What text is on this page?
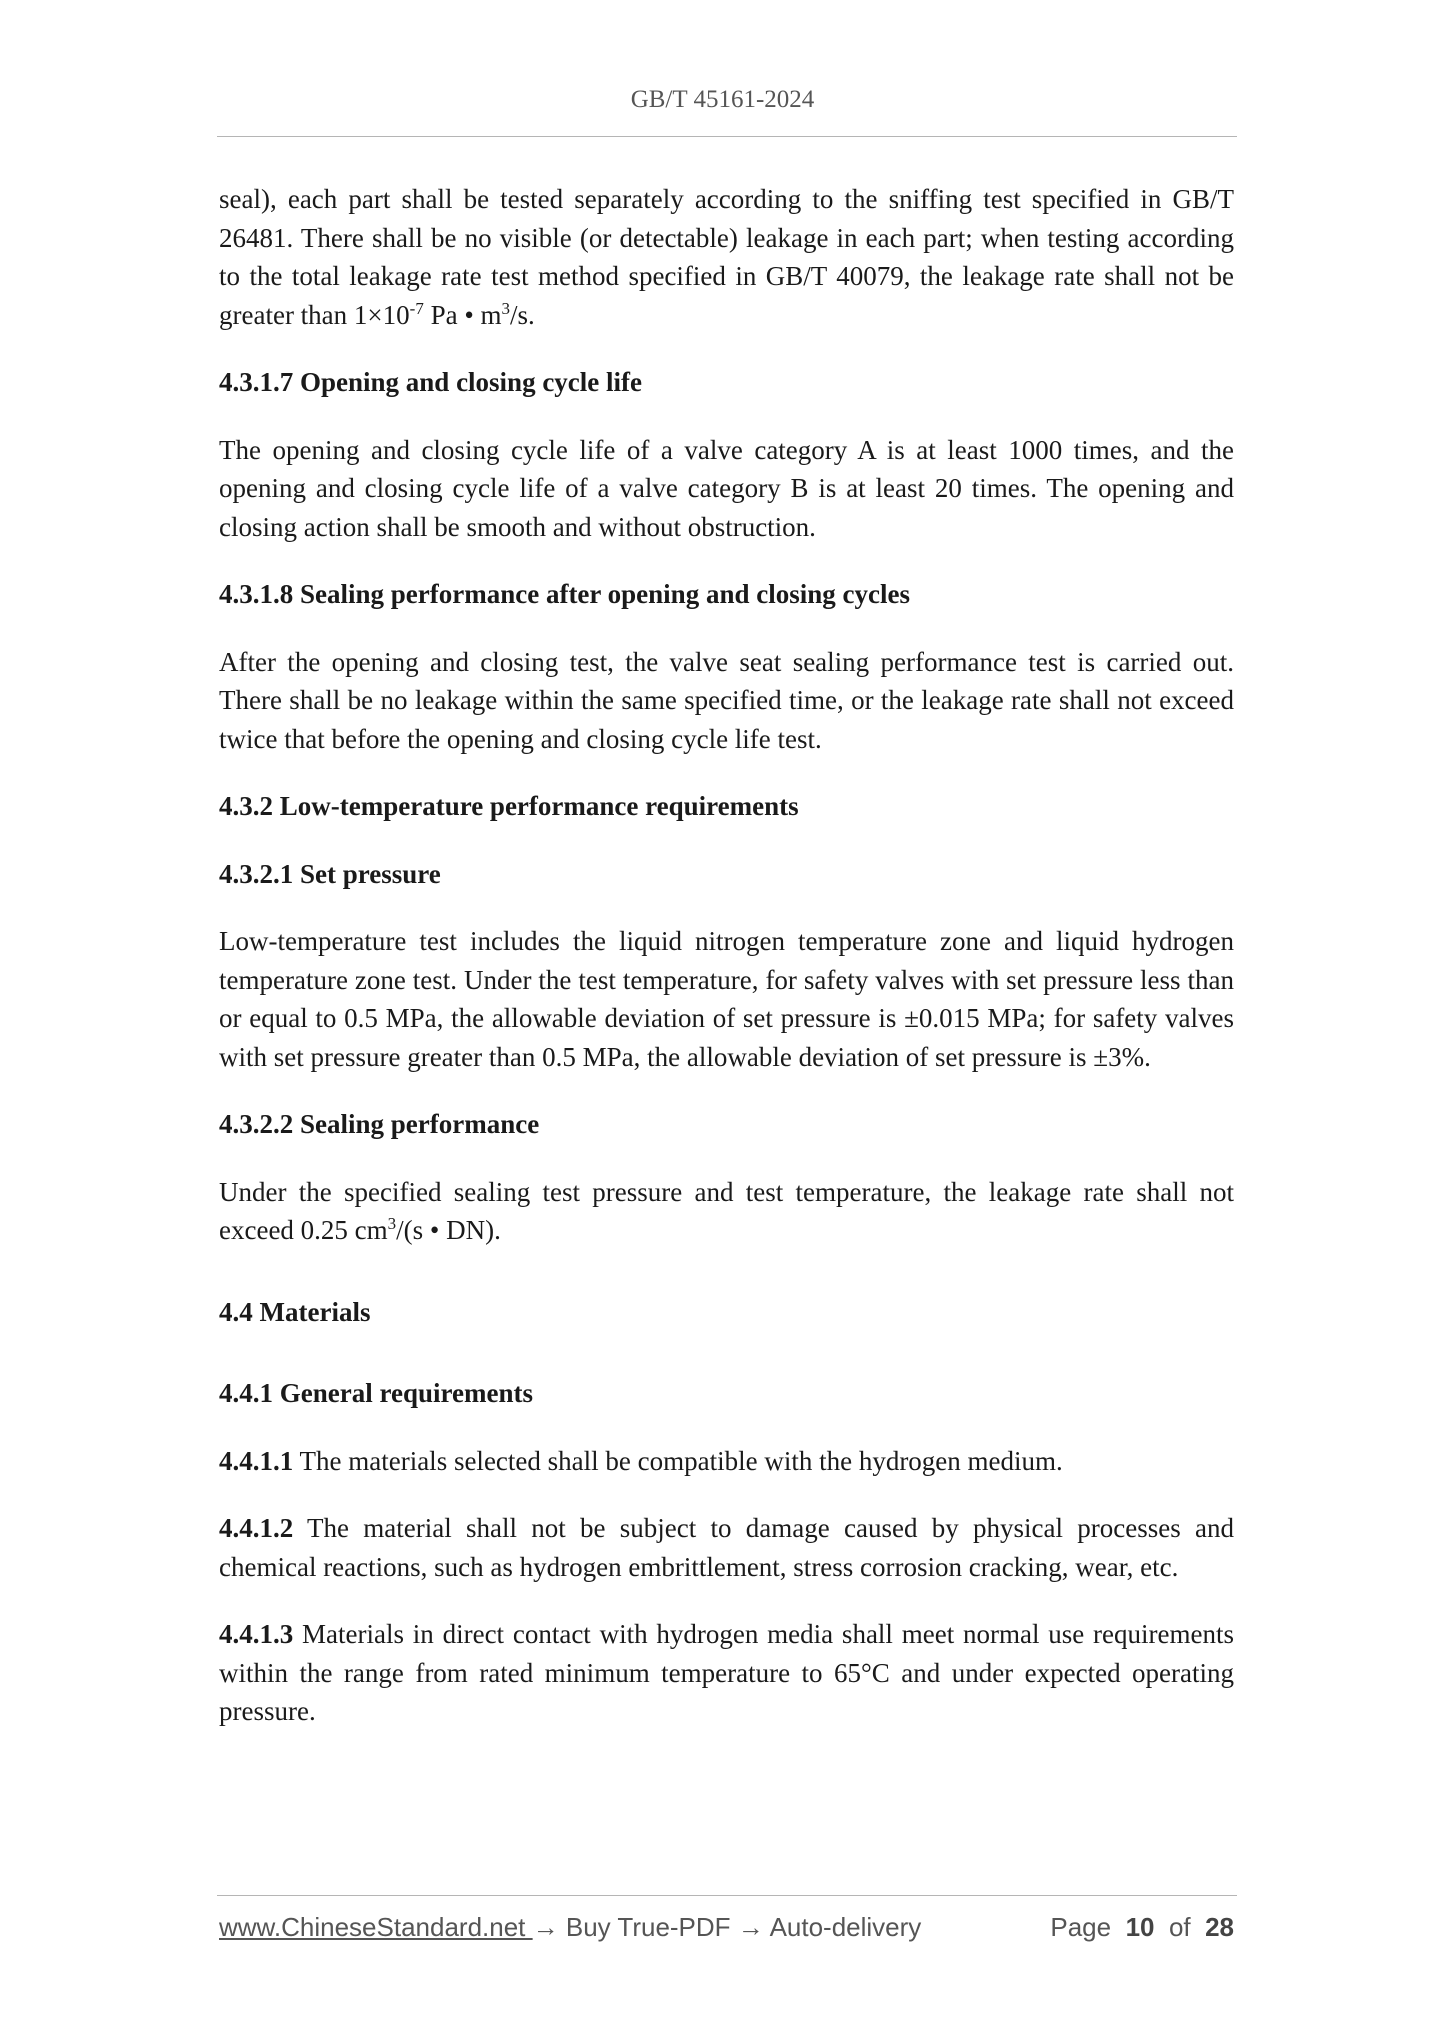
GB/T 45161-2024

seal), each part shall be tested separately according to the sniffing test specified in GB/T 26481. There shall be no visible (or detectable) leakage in each part; when testing according to the total leakage rate test method specified in GB/T 40079, the leakage rate shall not be greater than $1\times 10^{-7}$ Pa • $m^3/s$.

4.3.1.7 Opening and closing cycle life

The opening and closing cycle life of a valve category A is at least 1000 times, and the opening and closing cycle life of a valve category B is at least 20 times. The opening and closing action shall be smooth and without obstruction.

4.3.1.8 Sealing performance after opening and closing cycles

After the opening and closing test, the valve seat sealing performance test is carried out. There shall be no leakage within the same specified time, or the leakage rate shall not exceed twice that before the opening and closing cycle life test.

4.3.2 Low-temperature performance requirements
4.3.2.1 Set pressure

Low-temperature test includes the liquid nitrogen temperature zone and liquid hydrogen temperature zone test. Under the test temperature, for safety valves with set pressure less than or equal to 0.5 MPa, the allowable deviation of set pressure is ±0.015 MPa; for safety valves with set pressure greater than 0.5 MPa, the allowable deviation of set pressure is ±3%.

4.3.2.2 Sealing performance

Under the specified sealing test pressure and test temperature, the leakage rate shall not exceed 0.25 $cm^3/(s$ • DN).

4.4 Materials
4.4.1 General requirements

4.4.1.1 The materials selected shall be compatible with the hydrogen medium.

4.4.1.2 The material shall not be subject to damage caused by physical processes and chemical reactions, such as hydrogen embrittlement, stress corrosion cracking, wear, etc.

4.4.1.3 Materials in direct contact with hydrogen media shall meet normal use requirements within the range from rated minimum temperature to 65°C and under expected operating pressure.

www.ChineseStandard.net → Buy True-PDF → Auto-delivery	Page 10 of 28
